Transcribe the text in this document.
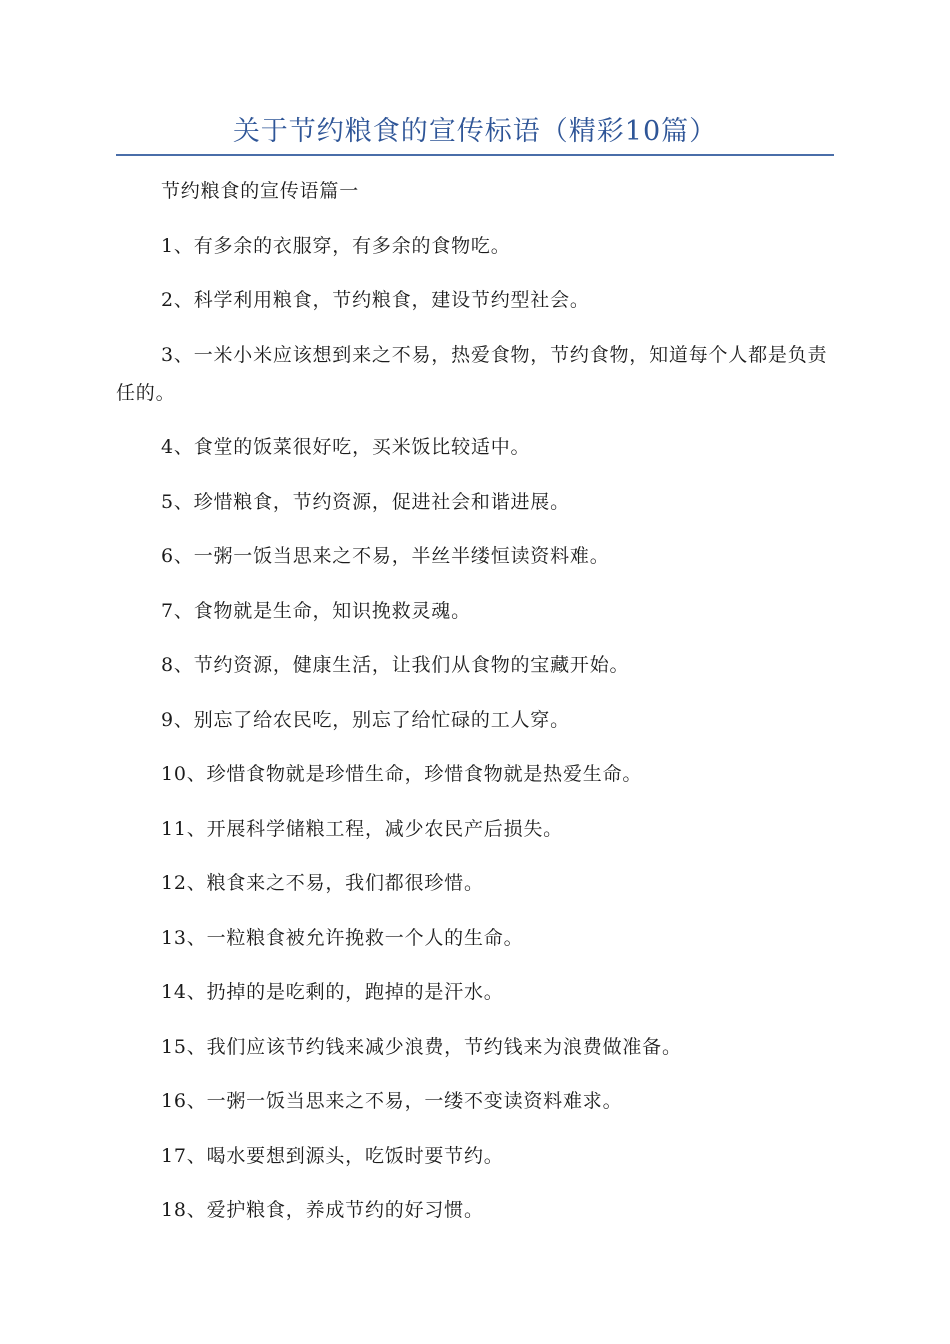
关于节约粮食的宣传标语（精彩10篇）

节约粮食的宣传语篇一

1、有多余的衣服穿，有多余的食物吃。

2、科学利用粮食，节约粮食，建设节约型社会。

3、一米小米应该想到来之不易，热爱食物，节约食物，知道每个人都是负责任的。

4、食堂的饭菜很好吃，买米饭比较适中。

5、珍惜粮食，节约资源，促进社会和谐进展。

6、一粥一饭当思来之不易，半丝半缕恒读资料难。

7、食物就是生命，知识挽救灵魂。

8、节约资源，健康生活，让我们从食物的宝藏开始。

9、别忘了给农民吃，别忘了给忙碌的工人穿。

10、珍惜食物就是珍惜生命，珍惜食物就是热爱生命。

11、开展科学储粮工程，减少农民产后损失。

12、粮食来之不易，我们都很珍惜。

13、一粒粮食被允许挽救一个人的生命。

14、扔掉的是吃剩的，跑掉的是汗水。

15、我们应该节约钱来减少浪费，节约钱来为浪费做准备。

16、一粥一饭当思来之不易，一缕不变读资料难求。

17、喝水要想到源头，吃饭时要节约。

18、爱护粮食，养成节约的好习惯。
